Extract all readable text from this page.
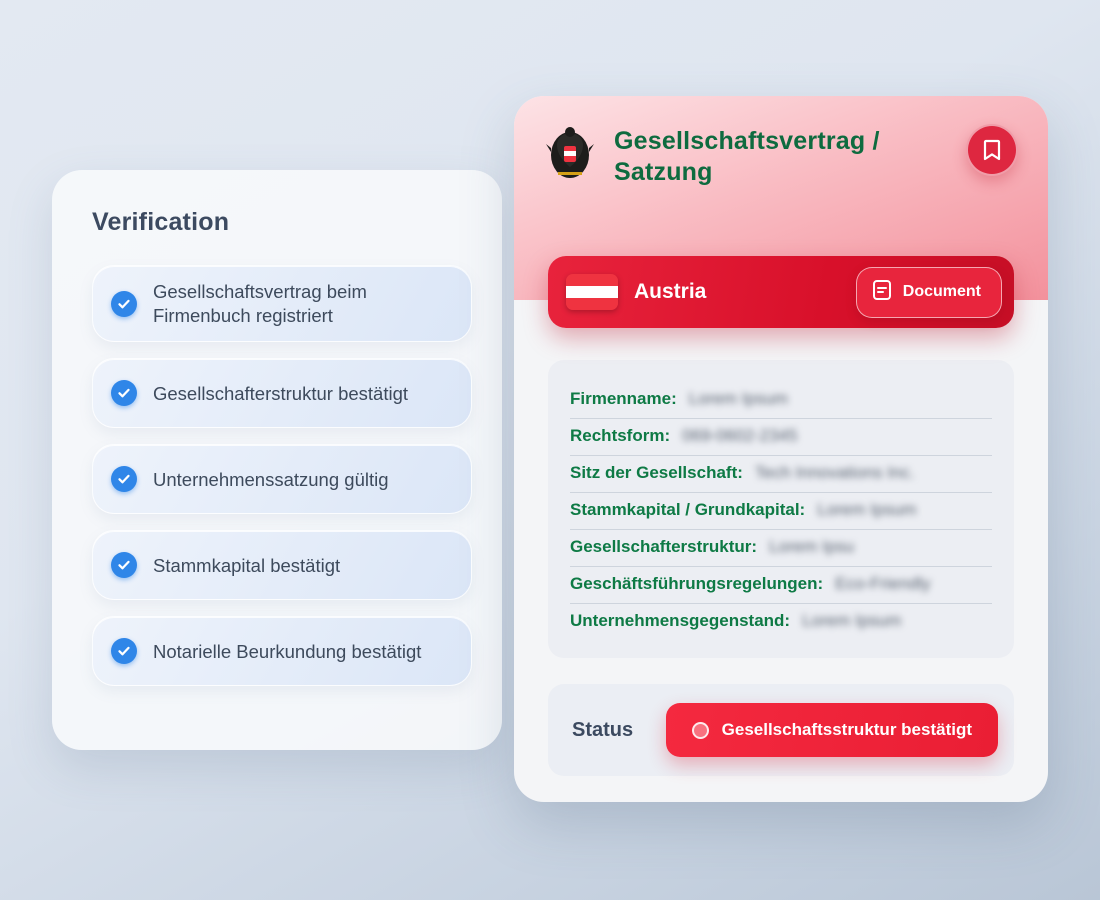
Verification
Gesellschaftsvertrag beim Firmenbuch registriert
Gesellschafterstruktur bestätigt
Unternehmenssatzung gültig
Stammkapital bestätigt
Notarielle Beurkundung bestätigt
Gesellschaftsvertrag / Satzung
Austria	Document
Firmenname: Lorem Ipsum
Rechtsform: 069-0602-2345
Sitz der Gesellschaft: Tech Innovations Inc.
Stammkapital / Grundkapital: Lorem Ipsum
Gesellschafterstruktur: Lorem Ipsu
Geschäftsführungsregelungen: Eco-Friendly
Unternehmensgegenstand: Lorem Ipsum
Status	Gesellschaftsstruktur bestätigt
